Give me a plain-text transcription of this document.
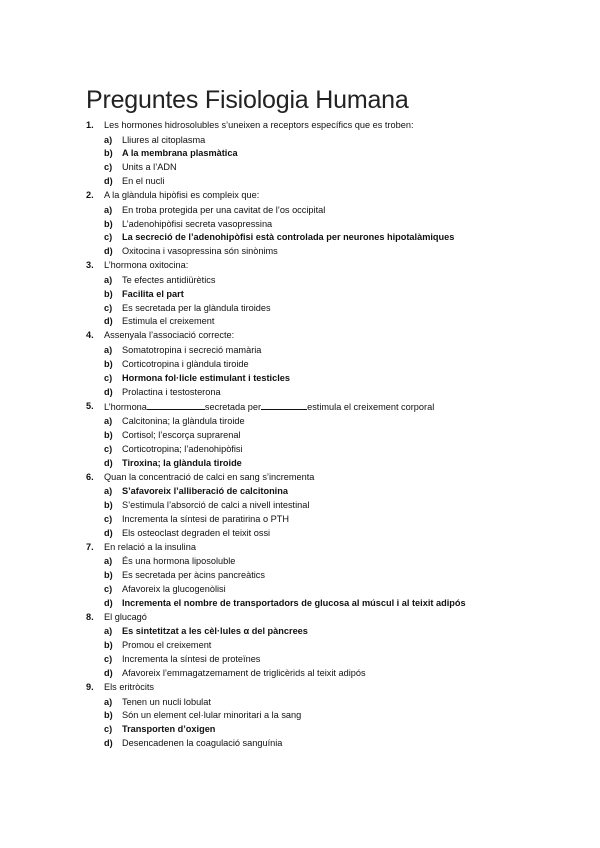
Preguntes Fisiologia Humana
1.	Les hormones hidrosolubles s’uneixen a receptors específics que es troben:
a)	Lliures al citoplasma
b)	A la membrana plasmàtica
c)	Units a l’ADN
d)	En el nucli
2.	A la glàndula hipòfisi es compleix que:
a)	En troba protegida per una cavitat de l’os occipital
b)	L’adenohipòfisi secreta vasopressina
c)	La secreció de l’adenohipòfisi està controlada per neurones hipotalàmiques
d)	Oxitocina i vasopressina són sinònims
3.	L’hormona oxitocina:
a)	Te efectes antidiürètics
b)	Facilita el part
c)	Es secretada per la glàndula tiroides
d)	Estimula el creixement
4.	Assenyala l’associació correcte:
a)	Somatotropina i secreció mamària
b)	Corticotropina i glàndula tiroide
c)	Hormona fol·licle estimulant i testicles
d)	Prolactina i testosterona
5.	L’hormona	secretada per	estimula el creixement corporal
a)	Calcitonina; la glàndula tiroide
b)	Cortisol; l’escorça suprarenal
c)	Corticotropina; l’adenohipòfisi
d)	Tiroxina; la glàndula tiroide
6.	Quan la concentració de calci en sang s’incrementa
a)	S’afavoreix l’alliberació de calcitonina
b)	S’estimula l’absorció de calci a nivell intestinal
c)	Incrementa la síntesi de paratirina o PTH
d)	Els osteoclast degraden el teixit ossi
7.	En relació a la insulina
a)	És una hormona liposoluble
b)	Es secretada per àcins pancreàtics
c)	Afavoreix la glucogenòlisi
d)	Incrementa el nombre de transportadors de glucosa al múscul i al teixit adipós
8.	El glucagó
a)	Es sintetitzat a les cèl·lules α del pàncrees
b)	Promou el creixement
c)	Incrementa la síntesi de proteïnes
d)	Afavoreix l’emmagatzemament de triglicèrids al teixit adipós
9.	Els eritròcits
a)	Tenen un nucli lobulat
b)	Són un element cel·lular minoritari a la sang
c)	Transporten d’oxigen
d)	Desencadenen la coagulació sanguínia
